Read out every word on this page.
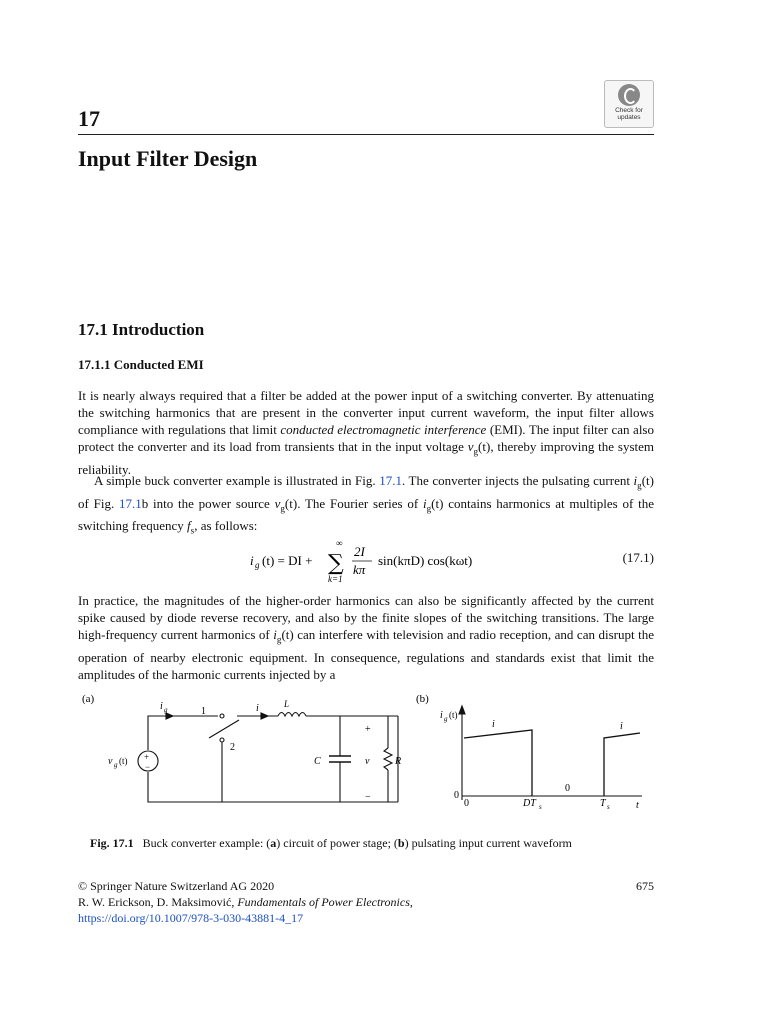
17
Input Filter Design
Check for
updates
17.1 Introduction
17.1.1 Conducted EMI
It is nearly always required that a filter be added at the power input of a switching converter. By attenuating the switching harmonics that are present in the converter input current waveform, the input filter allows compliance with regulations that limit conducted electromagnetic interference (EMI). The input filter can also protect the converter and its load from transients that in the input voltage $v_g(t)$, thereby improving the system reliability.
A simple buck converter example is illustrated in Fig. 17.1. The converter injects the pulsating current $i_g(t)$ of Fig. 17.1b into the power source $v_g(t)$. The Fourier series of $i_g(t)$ contains harmonics at multiples of the switching frequency $f_s$, as follows:
i g (t) = DI +
∞
∑
k=1
2I
kπ
sin(kπD) cos(kωt)	(17.1)
In practice, the magnitudes of the higher-order harmonics can also be significantly affected by the current spike caused by diode reverse recovery, and also by the finite slopes of the switching transitions. The large high-frequency current harmonics of $i_g(t)$ can interfere with television and radio reception, and can disrupt the operation of nearby electronic equipment. In consequence, regulations and standards exist that limit the amplitudes of the harmonic currents injected by a
(a)	(b)
+
−
v g (t)
i g	1
2
i	L
C
+
v
−
R
i g (t)
i	i
0
0
0
DT s	T s	t
Fig. 17.1 Buck converter example: (a) circuit of power stage; (b) pulsating input current waveform
© Springer Nature Switzerland AG 2020	675
R. W. Erickson, D. Maksimović, Fundamentals of Power Electronics,
https://doi.org/10.1007/978-3-030-43881-4_17
